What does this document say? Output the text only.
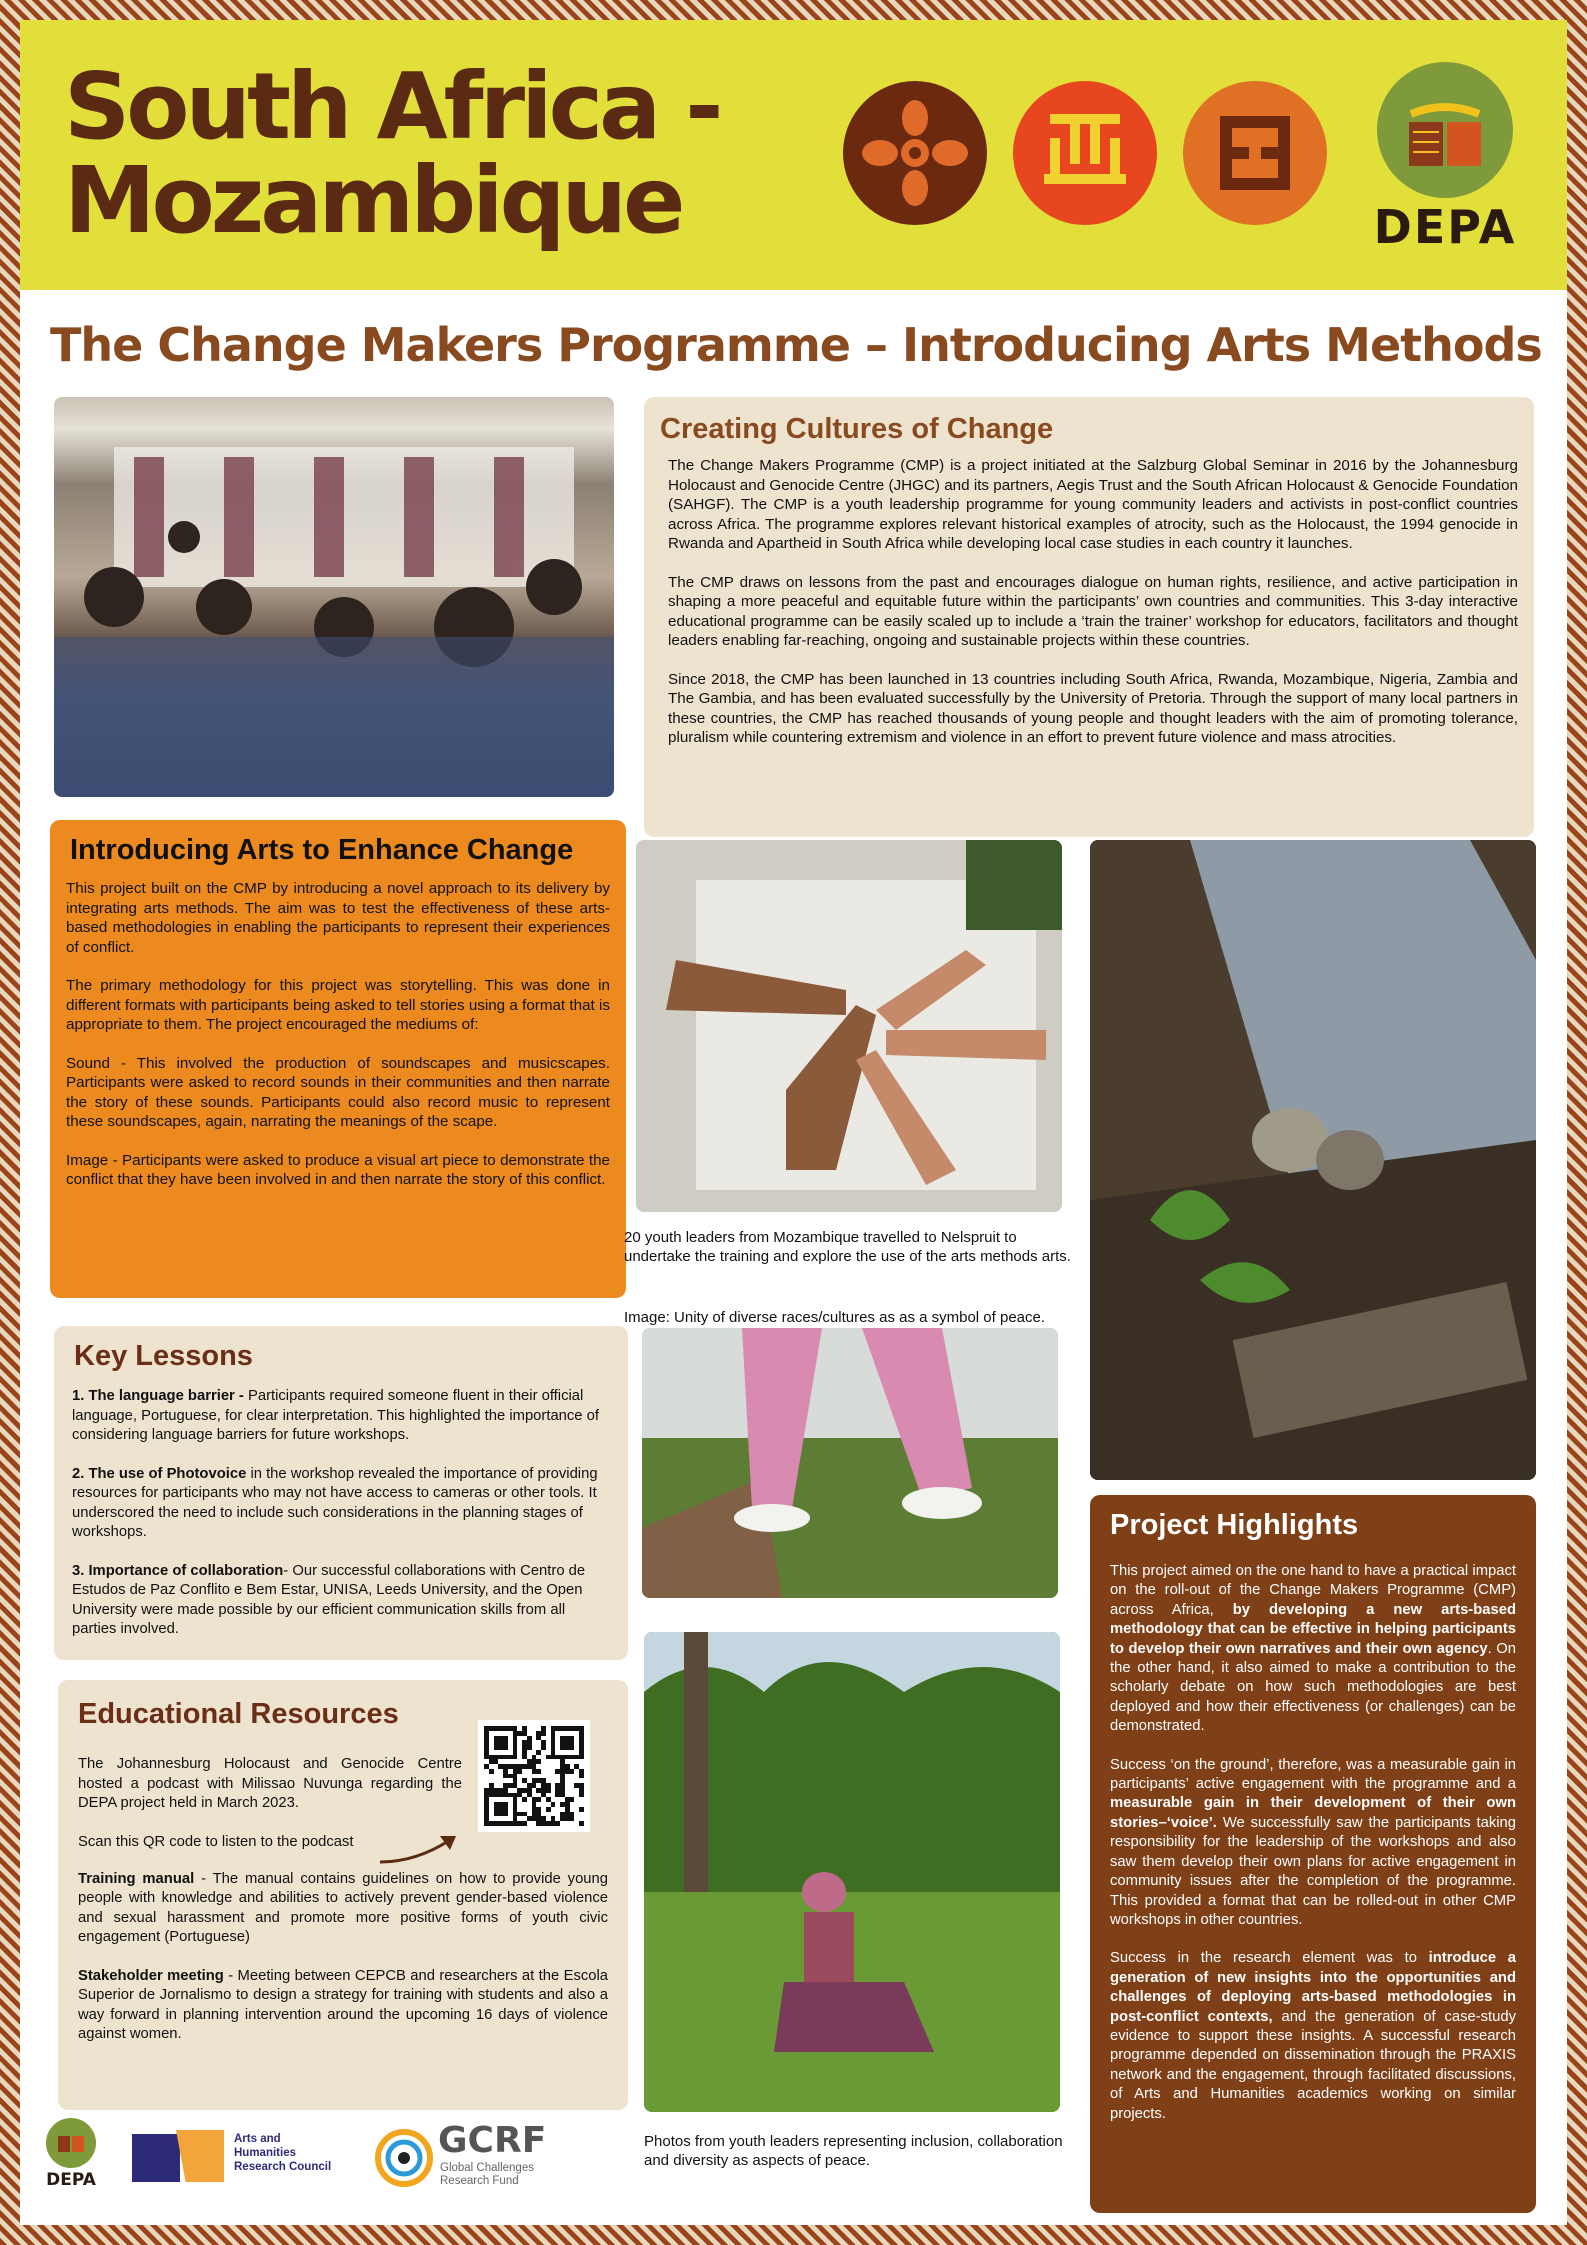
South Africa -
Mozambique	DEPA
The Change Makers Programme – Introducing Arts Methods
Creating Cultures of Change

The Change Makers Programme (CMP) is a project initiated at the Salzburg Global Seminar in 2016 by the Johannesburg Holocaust and Genocide Centre (JHGC) and its partners, Aegis Trust and the South African Holocaust & Genocide Foundation (SAHGF). The CMP is a youth leadership programme for young community leaders and activists in post-conflict countries across Africa. The programme explores relevant historical examples of atrocity, such as the Holocaust, the 1994 genocide in Rwanda and Apartheid in South Africa while developing local case studies in each country it launches.

The CMP draws on lessons from the past and encourages dialogue on human rights, resilience, and active participation in shaping a more peaceful and equitable future within the participants’ own countries and communities. This 3-day interactive educational programme can be easily scaled up to include a ‘train the trainer’ workshop for educators, facilitators and thought leaders enabling far-reaching, ongoing and sustainable projects within these countries.

Since 2018, the CMP has been launched in 13 countries including South Africa, Rwanda, Mozambique, Nigeria, Zambia and The Gambia, and has been evaluated successfully by the University of Pretoria. Through the support of many local partners in these countries, the CMP has reached thousands of young people and thought leaders with the aim of promoting tolerance, pluralism while countering extremism and violence in an effort to prevent future violence and mass atrocities.

Introducing Arts to Enhance Change

This project built on the CMP by introducing a novel approach to its delivery by integrating arts methods. The aim was to test the effectiveness of these arts-based methodologies in enabling the participants to represent their experiences of conflict.

The primary methodology for this project was storytelling. This was done in different formats with participants being asked to tell stories using a format that is appropriate to them. The project encouraged the mediums of:

Sound - This involved the production of soundscapes and musicscapes. Participants were asked to record sounds in their communities and then narrate the story of these sounds. Participants could also record music to represent these soundscapes, again, narrating the meanings of the scape.

Image - Participants were asked to produce a visual art piece to demonstrate the conflict that they have been involved in and then narrate the story of this conflict.

20 youth leaders from Mozambique travelled to Nelspruit to undertake the training and explore the use of the arts methods arts.
Image: Unity of diverse races/cultures as as a symbol of peace.
Key Lessons

1. The language barrier - Participants required someone fluent in their official language, Portuguese, for clear interpretation. This highlighted the importance of considering language barriers for future workshops.

2. The use of Photovoice in the workshop revealed the importance of providing resources for participants who may not have access to cameras or other tools. It underscored the need to include such considerations in the planning stages of workshops.

3. Importance of collaboration- Our successful collaborations with Centro de Estudos de Paz Conflito e Bem Estar, UNISA, Leeds University, and the Open University were made possible by our efficient communication skills from all parties involved.

Project Highlights

This project aimed on the one hand to have a practical impact on the roll-out of the Change Makers Programme (CMP) across Africa, by developing a new arts-based methodology that can be effective in helping participants to develop their own narratives and their own agency. On the other hand, it also aimed to make a contribution to the scholarly debate on how such methodologies are best deployed and how their effectiveness (or challenges) can be demonstrated.

Success ‘on the ground’, therefore, was a measurable gain in participants’ active engagement with the programme and a measurable gain in their development of their own stories–‘voice’. We successfully saw the participants taking responsibility for the leadership of the workshops and also saw them develop their own plans for active engagement in community issues after the completion of the programme. This provided a format that can be rolled-out in other CMP workshops in other countries.

Success in the research element was to introduce a generation of new insights into the opportunities and challenges of deploying arts-based methodologies in post-conflict contexts, and the generation of case-study evidence to support these insights. A successful research programme depended on dissemination through the PRAXIS network and the engagement, through facilitated discussions, of Arts and Humanities academics working on similar projects.

Educational Resources
The Johannesburg Holocaust and Genocide Centre hosted a podcast with Milissao Nuvunga regarding the DEPA project held in March 2023.
Scan this QR code to listen to the podcast
Training manual - The manual contains guidelines on how to provide young people with knowledge and abilities to actively prevent gender-based violence and sexual harassment and promote more positive forms of youth civic engagement (Portuguese)
Stakeholder meeting - Meeting between CEPCB and researchers at the Escola Superior de Jornalismo to design a strategy for training with students and also a way forward in planning intervention around the upcoming 16 days of violence against women.
Photos from youth leaders representing inclusion, collaboration and diversity as aspects of peace.
DEPA
Arts and
Humanities
Research Council
GCRF
Global Challenges
Research Fund
